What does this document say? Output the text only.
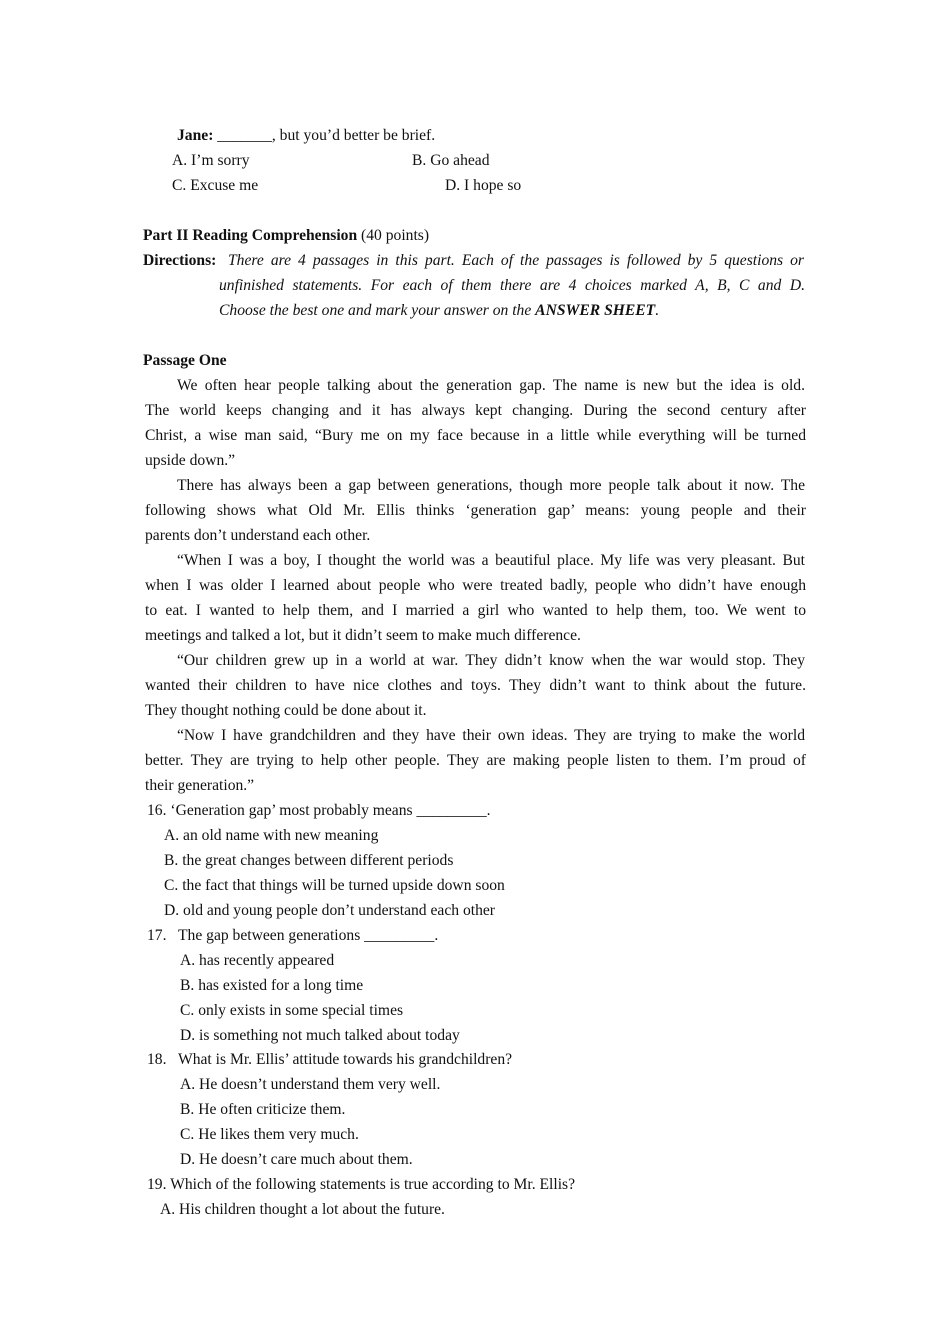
Jane: _______, but you’d better be brief.
A. I’m sorry	B. Go ahead
C. Excuse me	D. I hope so
Part II Reading Comprehension (40 points)
Directions: There are 4 passages in this part. Each of the passages is followed by 5 questions or
unfinished statements. For each of them there are 4 choices marked A, B, C and D.
Choose the best one and mark your answer on the ANSWER SHEET.
Passage One
We often hear people talking about the generation gap. The name is new but the idea is old.
The world keeps changing and it has always kept changing. During the second century after
Christ, a wise man said, “Bury me on my face because in a little while everything will be turned
upside down.”
There has always been a gap between generations, though more people talk about it now. The
following shows what Old Mr. Ellis thinks ‘generation gap’ means: young people and their
parents don’t understand each other.
“When I was a boy, I thought the world was a beautiful place. My life was very pleasant. But
when I was older I learned about people who were treated badly, people who didn’t have enough
to eat. I wanted to help them, and I married a girl who wanted to help them, too. We went to
meetings and talked a lot, but it didn’t seem to make much difference.
“Our children grew up in a world at war. They didn’t know when the war would stop. They
wanted their children to have nice clothes and toys. They didn’t want to think about the future.
They thought nothing could be done about it.
“Now I have grandchildren and they have their own ideas. They are trying to make the world
better. They are trying to help other people. They are making people listen to them. I’m proud of
their generation.”
16. ‘Generation gap’ most probably means _________.
A. an old name with new meaning
B. the great changes between different periods
C. the fact that things will be turned upside down soon
D. old and young people don’t understand each other
17. The gap between generations _________.
A. has recently appeared
B. has existed for a long time
C. only exists in some special times
D. is something not much talked about today
18. What is Mr. Ellis’ attitude towards his grandchildren?
A. He doesn’t understand them very well.
B. He often criticize them.
C. He likes them very much.
D. He doesn’t care much about them.
19. Which of the following statements is true according to Mr. Ellis?
A. His children thought a lot about the future.
